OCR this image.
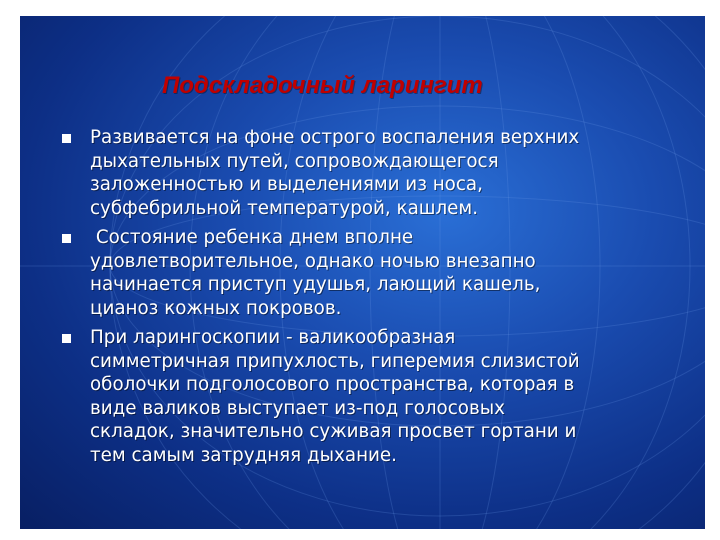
Подскладочный ларингит
Развивается на фоне острого воспаления верхних
дыхательных путей, сопровождающегося
заложенностью и выделениями из носа,
субфебрильной температурой, кашлем.
Состояние ребенка днем вполне
удовлетворительное, однако ночью внезапно
начинается приступ удушья, лающий кашель,
цианоз кожных покровов.
При ларингоскопии - валикообразная
симметричная припухлость, гиперемия слизистой
оболочки подголосового пространства, которая в
виде валиков выступает из-под голосовых
складок, значительно суживая просвет гортани и
тем самым затрудняя дыхание.
